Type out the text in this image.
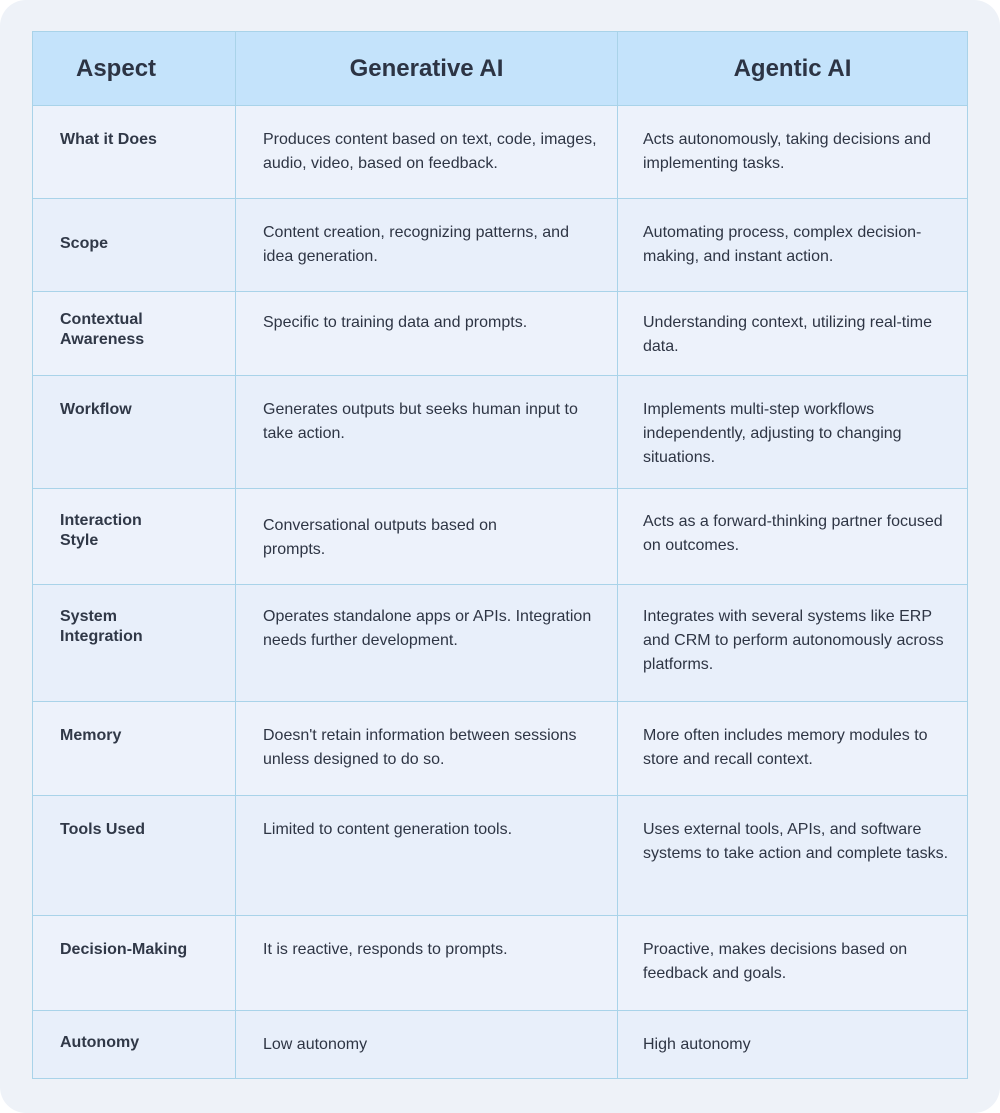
Aspect	Generative AI	Agentic AI
What it Does	Produces content based on text, code, images, audio, video, based on feedback.	Acts autonomously, taking decisions and implementing tasks.
Scope	Content creation, recognizing patterns, and idea generation.	Automating process, complex decision-making, and instant action.
Contextual Awareness	Specific to training data and prompts.	Understanding context, utilizing real-time data.
Workflow	Generates outputs but seeks human input to take action.	Implements multi-step workflows independently, adjusting to changing situations.
Interaction Style	Conversational outputs based on prompts.	Acts as a forward-thinking partner focused on outcomes.
System Integration	Operates standalone apps or APIs. Integration needs further development.	Integrates with several systems like ERP and CRM to perform autonomously across platforms.
Memory	Doesn't retain information between sessions unless designed to do so.	More often includes memory modules to store and recall context.
Tools Used	Limited to content generation tools.	Uses external tools, APIs, and software systems to take action and complete tasks.
Decision-Making	It is reactive, responds to prompts.	Proactive, makes decisions based on feedback and goals.
Autonomy	Low autonomy	High autonomy
